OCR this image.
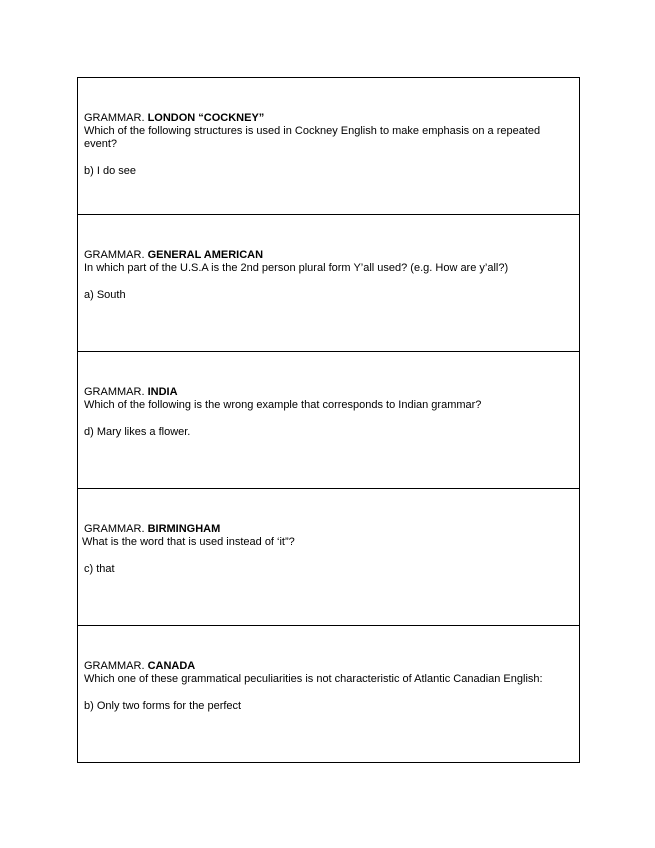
GRAMMAR. LONDON “COCKNEY”
Which of the following structures is used in Cockney English to make emphasis on a repeated event?
b) I do see
GRAMMAR. GENERAL AMERICAN
In which part of the U.S.A is the 2nd person plural form Y’all used? (e.g. How are y’all?)
a) South
GRAMMAR. INDIA
Which of the following is the wrong example that corresponds to Indian grammar?
d) Mary likes a flower.
GRAMMAR. BIRMINGHAM
What is the word that is used instead of ‘it”?
c) that
GRAMMAR. CANADA
Which one of these grammatical peculiarities is not characteristic of Atlantic Canadian English:
b) Only two forms for the perfect
